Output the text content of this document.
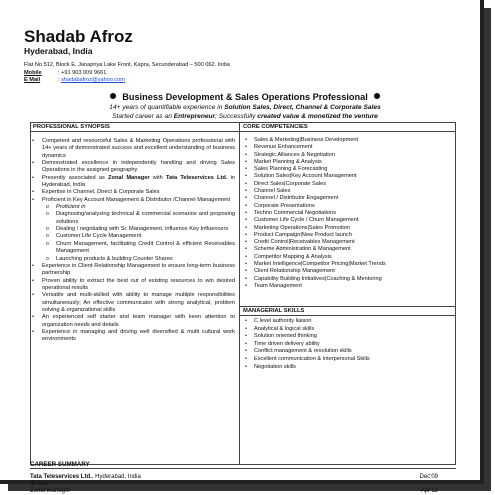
Shadab Afroz
Hyderabad, India
Flat No 512, Block E, Janapriya Lake Front, Kapra, Secunderabad – 500 062. India
Mobile	: +91 903 009 9661
E Mail	: shadabafroz@yahoo.com
Business Development & Sales Operations Professional
14+ years of quantifiable experience in Solution Sales, Direct, Channel & Corporate Sales
Started career as an Entrepreneur; Successfully created value & monetized the venture
PROFESSIONAL SYNOPSIS	CORE COMPETENCIES
MANAGERIAL SKILLS
• Competent and resourceful Sales & Marketing Operations professional with 14+ years of demonstrated success and excellent understanding of business dynamics
• Demonstrated excellence in independently handling and driving Sales Operations in the assigned geography
• Presently associated as Zonal Manager with Tata Teleservices Ltd. in Hyderabad, India
• Expertise in Channel, Direct & Corporate Sales
• Proficient in Key Account Management & Distributor /Channel Management
o Proficient in
o Diagnosing/analyzing technical & commercial scenarios and proposing solutions
o Dealing / negotiating with Sr. Management, influence Key Influencers
o Customer Life Cycle Management
o Churn Management, facilitating Credit Control & efficient Receivables Management
o Launching products & building Counter Shares
• Experience in Client Relationship Management to ensure long-term business partnership
• Proven ability to extract the best out of existing resources to win desired operational results
• Versatile and multi-skilled with ability to manage multiple responsibilities simultaneously; An effective communicator with strong analytical, problem solving & organizational skills
• An experienced self starter and team manager with keen attention to organization needs and details
• Experience in managing and driving well diversified & multi cultural work environments
• Sales & Marketing|Business Development
• Revenue Enhancement
• Strategic Alliances & Negotiation
• Market Planning & Analysis
• Sales Planning & Forecasting
• Solution Sales|Key Account Management
• Direct Sales|Corporate Sales
• Channel Sales
• Channel / Distributor Engagement
• Corporate Presentations
• Techno Commercial Negotiations
• Customer Life Cycle / Churn Management
• Marketing Operations|Sales Promotion
• Product Campaign|New Product launch
• Credit Control|Receivables Management
• Scheme Administration & Management
• Competitor Mapping & Analysis
• Market Intelligence|Competitor Pricing|Market Trends
• Client Relationship Management
• Capability Building Initiatives|Coaching & Mentoring
• Team Management
• C level authority liaison
• Analytical & logical skills
• Solution oriented thinking
• Time driven delivery ability
• Conflict management & resolution skills
• Excellent communication & interpersonal Skills
• Negotiation skills
CAREER SUMMARY
Tata Teleservices Ltd., Hyderabad, India	Dec'09
till date
Zonal Manager	Apr'12
